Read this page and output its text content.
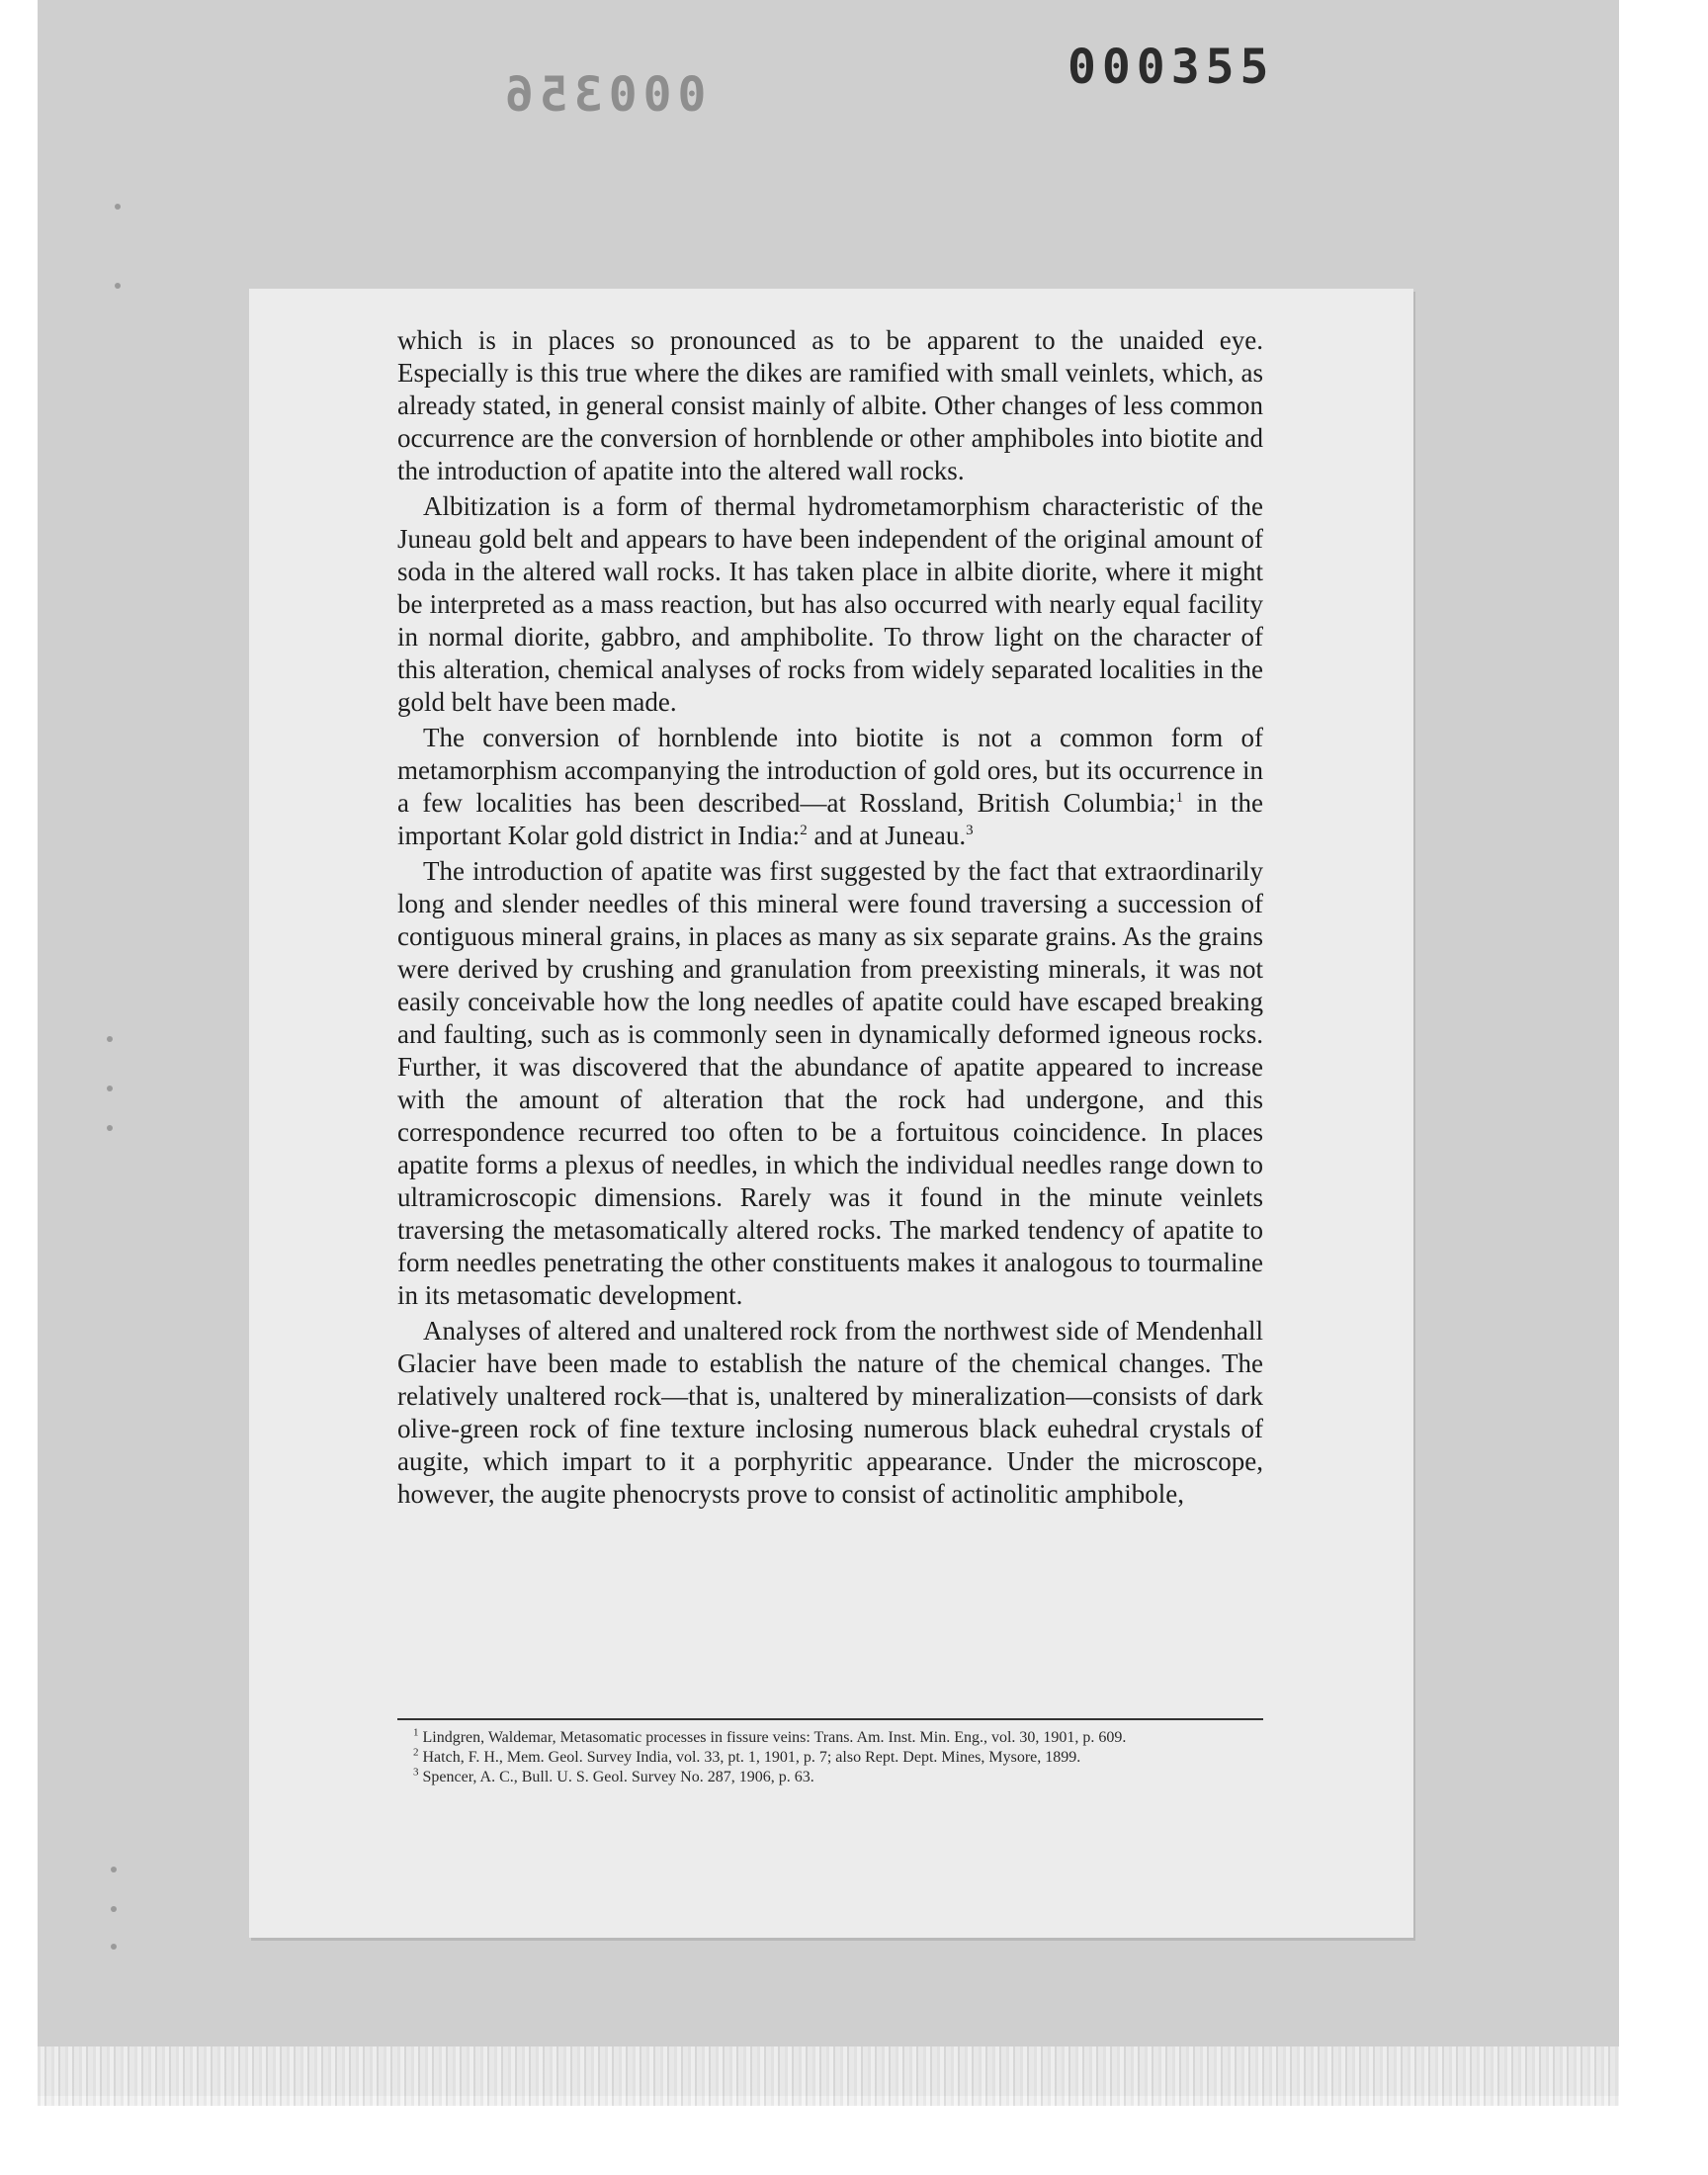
000355
000356

which is in places so pronounced as to be apparent to the unaided eye. Especially is this true where the dikes are ramified with small veinlets, which, as already stated, in general consist mainly of albite. Other changes of less common occurrence are the conversion of hornblende or other amphiboles into biotite and the introduction of apatite into the altered wall rocks.

Albitization is a form of thermal hydrometamorphism characteristic of the Juneau gold belt and appears to have been independent of the original amount of soda in the altered wall rocks. It has taken place in albite diorite, where it might be interpreted as a mass reaction, but has also occurred with nearly equal facility in normal diorite, gabbro, and amphibolite. To throw light on the character of this alteration, chemical analyses of rocks from widely separated localities in the gold belt have been made.

The conversion of hornblende into biotite is not a common form of metamorphism accompanying the introduction of gold ores, but its occurrence in a few localities has been described—at Rossland, British Columbia;$^1$ in the important Kolar gold district in India:$^2$ and at Juneau.$^3$

The introduction of apatite was first suggested by the fact that extraordinarily long and slender needles of this mineral were found traversing a succession of contiguous mineral grains, in places as many as six separate grains. As the grains were derived by crushing and granulation from preexisting minerals, it was not easily conceivable how the long needles of apatite could have escaped breaking and faulting, such as is commonly seen in dynamically deformed igneous rocks. Further, it was discovered that the abundance of apatite appeared to increase with the amount of alteration that the rock had undergone, and this correspondence recurred too often to be a fortuitous coincidence. In places apatite forms a plexus of needles, in which the individual needles range down to ultramicroscopic dimensions. Rarely was it found in the minute veinlets traversing the metasomatically altered rocks. The marked tendency of apatite to form needles penetrating the other constituents makes it analogous to tourmaline in its metasomatic development.

Analyses of altered and unaltered rock from the northwest side of Mendenhall Glacier have been made to establish the nature of the chemical changes. The relatively unaltered rock—that is, unaltered by mineralization—consists of dark olive-green rock of fine texture inclosing numerous black euhedral crystals of augite, which impart to it a porphyritic appearance. Under the microscope, however, the augite phenocrysts prove to consist of actinolitic amphibole,

$^1$ Lindgren, Waldemar, Metasomatic processes in fissure veins: Trans. Am. Inst. Min. Eng., vol. 30, 1901, p. 609.

$^2$ Hatch, F. H., Mem. Geol. Survey India, vol. 33, pt. 1, 1901, p. 7; also Rept. Dept. Mines, Mysore, 1899.

$^3$ Spencer, A. C., Bull. U. S. Geol. Survey No. 287, 1906, p. 63.
